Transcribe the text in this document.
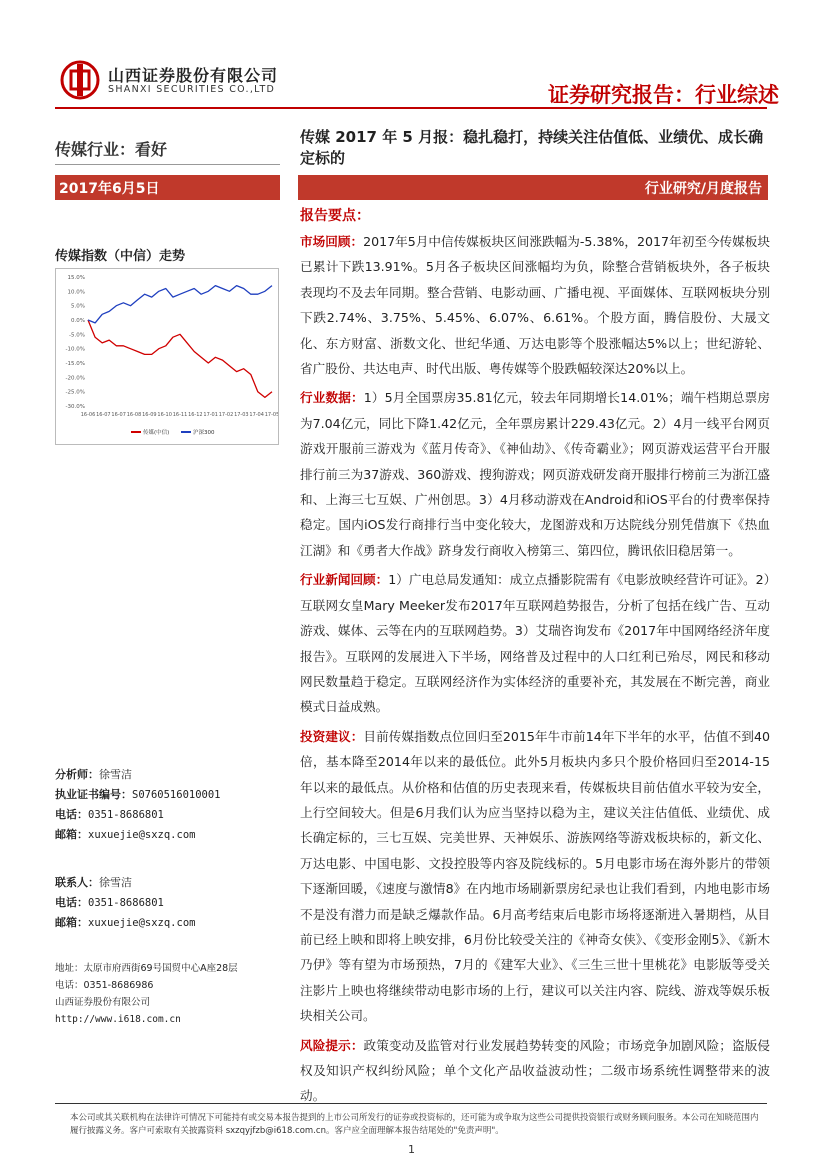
山西证券股份有限公司
SHANXI SECURITIES CO.,LTD	证券研究报告：行业综述
传媒行业：看好
2017年6月5日
传媒指数（中信）走势
15.0%
10.0%
5.0%
0.0%
-5.0%
-10.0%
-15.0%
-20.0%
-25.0%
-30.0%
16-06 16-07 16-07 16-08 16-09 16-10 16-11 16-12 17-01 17-02 17-03 17-04 17-05
传媒(中信)	沪深300
传媒 2017 年 5 月报：稳扎稳打，持续关注估值低、业绩优、成长确定标的
行业研究/月度报告
报告要点：

市场回顾：2017年5月中信传媒板块区间涨跌幅为-5.38%，2017年初至今传媒板块已累计下跌13.91%。5月各子板块区间涨幅均为负，除整合营销板块外，各子板块表现均不及去年同期。整合营销、电影动画、广播电视、平面媒体、互联网板块分别下跌2.74%、3.75%、5.45%、6.07%、6.61%。个股方面，腾信股份、大晟文化、东方财富、浙数文化、世纪华通、万达电影等个股涨幅达5%以上；世纪游轮、省广股份、共达电声、时代出版、粤传媒等个股跌幅较深达20%以上。

行业数据：1）5月全国票房35.81亿元，较去年同期增长14.01%；端午档期总票房为7.04亿元，同比下降1.42亿元，全年票房累计229.43亿元。2）4月一线平台网页游戏开服前三游戏为《蓝月传奇》、《神仙劫》、《传奇霸业》；网页游戏运营平台开服排行前三为37游戏、360游戏、搜狗游戏；网页游戏研发商开服排行榜前三为浙江盛和、上海三七互娱、广州创思。3）4月移动游戏在Android和iOS平台的付费率保持稳定。国内iOS发行商排行当中变化较大，龙图游戏和万达院线分别凭借旗下《热血江湖》和《勇者大作战》跻身发行商收入榜第三、第四位，腾讯依旧稳居第一。

行业新闻回顾：1）广电总局发通知：成立点播影院需有《电影放映经营许可证》。2）互联网女皇Mary Meeker发布2017年互联网趋势报告，分析了包括在线广告、互动游戏、媒体、云等在内的互联网趋势。3）艾瑞咨询发布《2017年中国网络经济年度报告》。互联网的发展进入下半场，网络普及过程中的人口红利已殆尽，网民和移动网民数量趋于稳定。互联网经济作为实体经济的重要补充，其发展在不断完善，商业模式日益成熟。

投资建议：目前传媒指数点位回归至2015年牛市前14年下半年的水平，估值不到40倍，基本降至2014年以来的最低位。此外5月板块内多只个股价格回归至2014-15年以来的最低点。从价格和估值的历史表现来看，传媒板块目前估值水平较为安全，上行空间较大。但是6月我们认为应当坚持以稳为主，建议关注估值低、业绩优、成长确定标的，三七互娱、完美世界、天神娱乐、游族网络等游戏板块标的，新文化、万达电影、中国电影、文投控股等内容及院线标的。5月电影市场在海外影片的带领下逐渐回暖，《速度与激情8》在内地市场刷新票房纪录也让我们看到，内地电影市场不是没有潜力而是缺乏爆款作品。6月高考结束后电影市场将逐渐进入暑期档，从目前已经上映和即将上映安排，6月份比较受关注的《神奇女侠》、《变形金刚5》、《新木乃伊》等有望为市场预热，7月的《建军大业》、《三生三世十里桃花》电影版等受关注影片上映也将继续带动电影市场的上行，建议可以关注内容、院线、游戏等娱乐板块相关公司。

风险提示：政策变动及监管对行业发展趋势转变的风险；市场竞争加剧风险；盗版侵权及知识产权纠纷风险；单个文化产品收益波动性；二级市场系统性调整带来的波动。

分析师：徐雪洁
执业证书编号：S0760516010001
电话：0351-8686801
邮箱：xuxuejie@sxzq.com
联系人：徐雪洁
电话：0351-8686801
邮箱：xuxuejie@sxzq.com
地址：太原市府西街69号国贸中心A座28层
电话：0351-8686986
山西证券股份有限公司
http://www.i618.com.cn
本公司或其关联机构在法律许可情况下可能持有或交易本报告提到的上市公司所发行的证券或投资标的，还可能为或争取为这些公司提供投资银行或财务顾问服务。本公司在知晓范围内履行披露义务。客户可索取有关披露资料 sxzqyjfzb@i618.com.cn。客户应全面理解本报告结尾处的"免责声明"。
1
